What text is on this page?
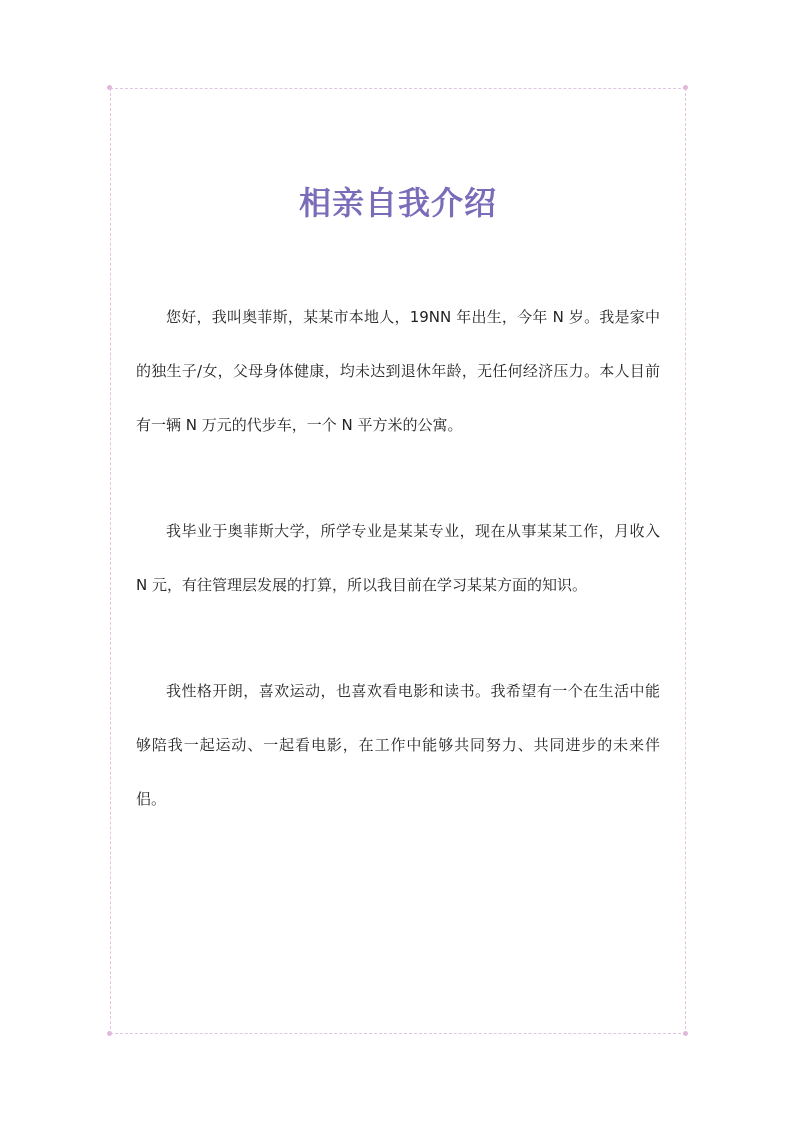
相亲自我介绍

您好，我叫奥菲斯，某某市本地人，19NN 年出生，今年 N 岁。我是家中的独生子/女，父母身体健康，均未达到退休年龄，无任何经济压力。本人目前有一辆 N 万元的代步车，一个 N 平方米的公寓。

我毕业于奥菲斯大学，所学专业是某某专业，现在从事某某工作，月收入 N 元，有往管理层发展的打算，所以我目前在学习某某方面的知识。

我性格开朗，喜欢运动，也喜欢看电影和读书。我希望有一个在生活中能够陪我一起运动、一起看电影，在工作中能够共同努力、共同进步的未来伴侣。
